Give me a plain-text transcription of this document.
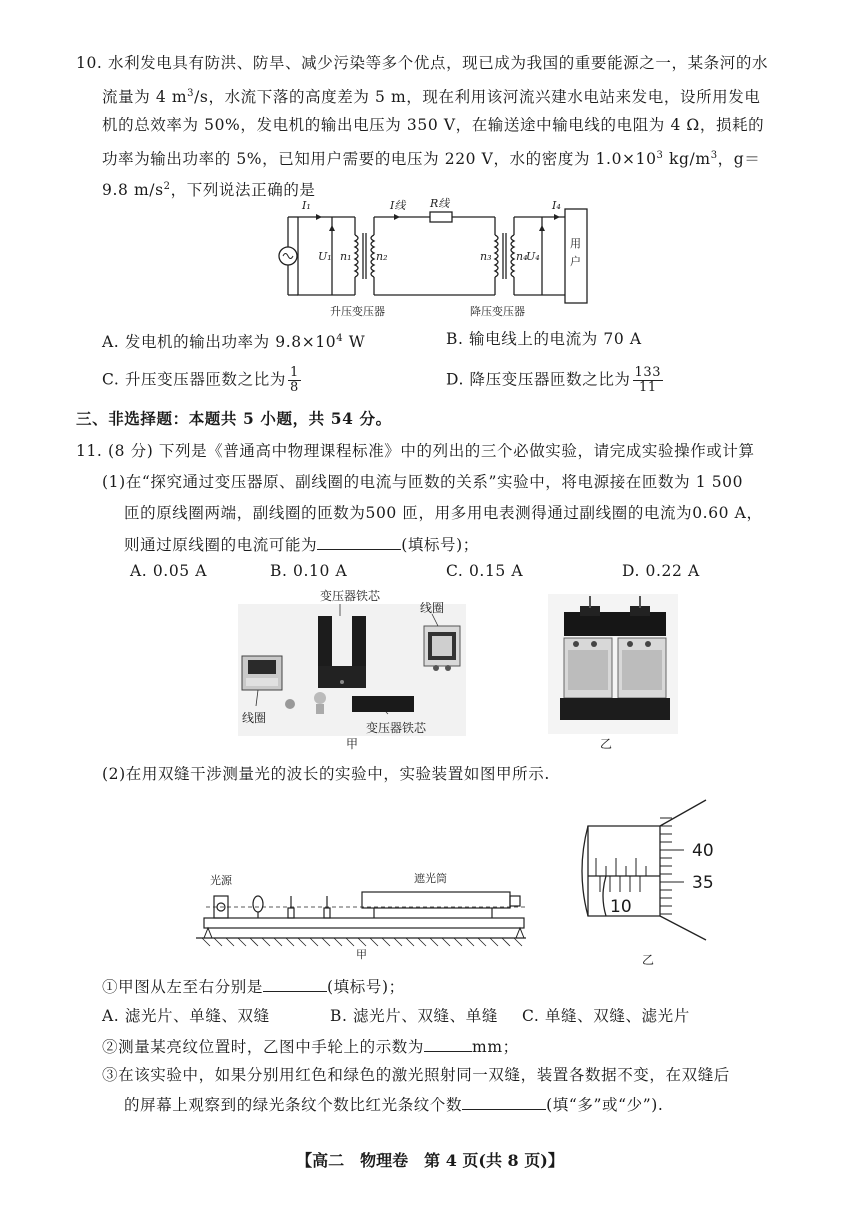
10. 水利发电具有防洪、防旱、减少污染等多个优点，现已成为我国的重要能源之一，某条河的水
流量为 4 $m^3/s$，水流下落的高度差为 5 m，现在利用该河流兴建水电站来发电，设所用发电
机的总效率为 50%，发电机的输出电压为 350 V，在输送途中输电线的电阻为 4 Ω，损耗的
功率为输出功率的 5%，已知用户需要的电压为 220 V，水的密度为 $1.0\times 10^3$ $kg/m^3$，g＝
9.8 $m/s^2$，下列说法正确的是
I₁	I线 R线	I₄
U₁ n₁ n₂	n₃ n₄
U₄
用
户
升压变压器	降压变压器
A. 发电机的输出功率为 $9.8\times 10^4$ W	B. 输电线上的电流为 70 A
C. 升压变压器匝数之比为 $\frac{1}{8}$	D. 降压变压器匝数之比为 $\frac{133}{11}$
三、非选择题：本题共 5 小题，共 54 分。
11. (8 分) 下列是《普通高中物理课程标准》中的列出的三个必做实验，请完成实验操作或计算
(1)在“探究通过变压器原、副线圈的电流与匝数的关系”实验中，将电源接在匝数为 1 500
匝的原线圈两端，副线圈的匝数为500 匝，用多用电表测得通过副线圈的电流为0.60 A，
则通过原线圈的电流可能为	(填标号)；
A. 0.05 A	B. 0.10 A	C. 0.15 A	D. 0.22 A
变压器铁芯
线圈
线圈
变压器铁芯
甲	乙
(2)在用双缝干涉测量光的波长的实验中，实验装置如图甲所示.
光源	遮光筒
甲
40
35
10
乙
①甲图从左至右分别是	(填标号)；
A. 滤光片、单缝、双缝	B. 滤光片、双缝、单缝 C. 单缝、双缝、滤光片
②测量某亮纹位置时，乙图中手轮上的示数为	mm；
③在该实验中，如果分别用红色和绿色的激光照射同一双缝，装置各数据不变，在双缝后
的屏幕上观察到的绿光条纹个数比红光条纹个数	(填“多”或“少”).
【高二　物理卷　第 4 页(共 8 页)】
